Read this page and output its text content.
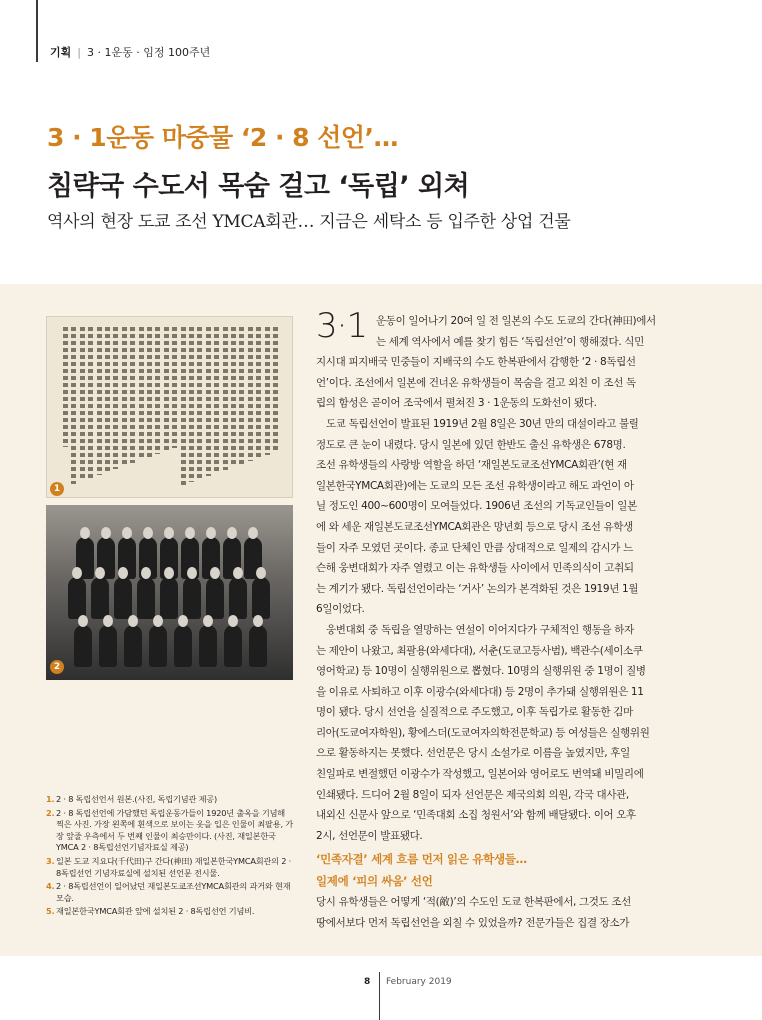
기획 | 3 · 1운동 · 임정 100주년
3 · 1운동 마중물 ‘2 · 8 선언’…
침략국 수도서 목숨 걸고 ‘독립’ 외쳐
역사의 현장 도쿄 조선 YMCA회관… 지금은 세탁소 등 입주한 상업 건물
1
2
1. 2 · 8 독립선언서 원본.(사진, 독립기념관 제공)
2. 2 · 8 독립선언에 가담했던 독립운동가들이 1920년 출옥을 기념해 찍은 사진. 가장 왼쪽에 흰색으로 보이는 옷을 입은 인물이 최팔용, 가장 앞줄 우측에서 두 번째 인물이 최승만이다. (사진, 재일본한국YMCA 2 · 8독립선언기념자료실 제공)
3. 일본 도교 지요다(千代田)구 간다(神田) 재일본한국YMCA회관의 2 · 8독립선언 기념자료실에 설치된 선언문 전시물.
4. 2 · 8독립선언이 일어났던 재일본도쿄조선YMCA회관의 과거와 현재 모습.
5. 재일본한국YMCA회관 앞에 설치된 2 · 8독립선언 기념비.
3·1 운동이 일어나기 20여 일 전 일본의 수도 도쿄의 간다(神田)에서
는 세계 역사에서 예를 찾기 힘든 ‘독립선언’이 행해졌다. 식민
지시대 피지배국 민중들이 지배국의 수도 한복판에서 감행한 ‘2 · 8독립선
언’이다. 조선에서 일본에 건너온 유학생들이 목숨을 걸고 외친 이 조선 독
립의 함성은 곧이어 조국에서 펼쳐진 3 · 1운동의 도화선이 됐다.
도쿄 독립선언이 발표된 1919년 2월 8일은 30년 만의 대설이라고 불릴
정도로 큰 눈이 내렸다. 당시 일본에 있던 한반도 출신 유학생은 678명.
조선 유학생들의 사랑방 역할을 하던 ‘재일본도쿄조선YMCA회관’(현 재
일본한국YMCA회관)에는 도쿄의 모든 조선 유학생이라고 해도 과언이 아
닐 정도인 400~600명이 모여들었다. 1906년 조선의 기독교인들이 일본
에 와 세운 재일본도쿄조선YMCA회관은 망년회 등으로 당시 조선 유학생
들이 자주 모였던 곳이다. 종교 단체인 만큼 상대적으로 일제의 감시가 느
슨해 웅변대회가 자주 열렸고 이는 유학생들 사이에서 민족의식이 고취되
는 계기가 됐다. 독립선언이라는 ‘거사’ 논의가 본격화된 것은 1919년 1월
6일이었다.
웅변대회 중 독립을 열망하는 연설이 이어지다가 구체적인 행동을 하자
는 제안이 나왔고, 최팔용(와세다대), 서춘(도쿄고등사범), 백관수(세이소쿠
영어학교) 등 10명이 실행위원으로 뽑혔다. 10명의 실행위원 중 1명이 질병
을 이유로 사퇴하고 이후 이광수(와세다대) 등 2명이 추가돼 실행위원은 11
명이 됐다. 당시 선언을 실질적으로 주도했고, 이후 독립가로 활동한 김마
리아(도쿄여자학원), 황에스더(도쿄여자의학전문학교) 등 여성들은 실행위원
으로 활동하지는 못했다. 선언문은 당시 소설가로 이름을 높였지만, 후일
친일파로 변절했던 이광수가 작성했고, 일본어와 영어로도 번역돼 비밀리에
인쇄됐다. 드디어 2월 8일이 되자 선언문은 제국의회 의원, 각국 대사관,
내외신 신문사 앞으로 ‘민족대회 소집 청원서’와 함께 배달됐다. 이어 오후
2시, 선언문이 발표됐다.
‘민족자결’ 세계 흐름 먼저 읽은 유학생들…
일제에 ‘피의 싸움’ 선언
당시 유학생들은 어떻게 ‘적(敵)’의 수도인 도쿄 한복판에서, 그것도 조선
땅에서보다 먼저 독립선언을 외칠 수 있었을까? 전문가들은 집결 장소가
8 February 2019
